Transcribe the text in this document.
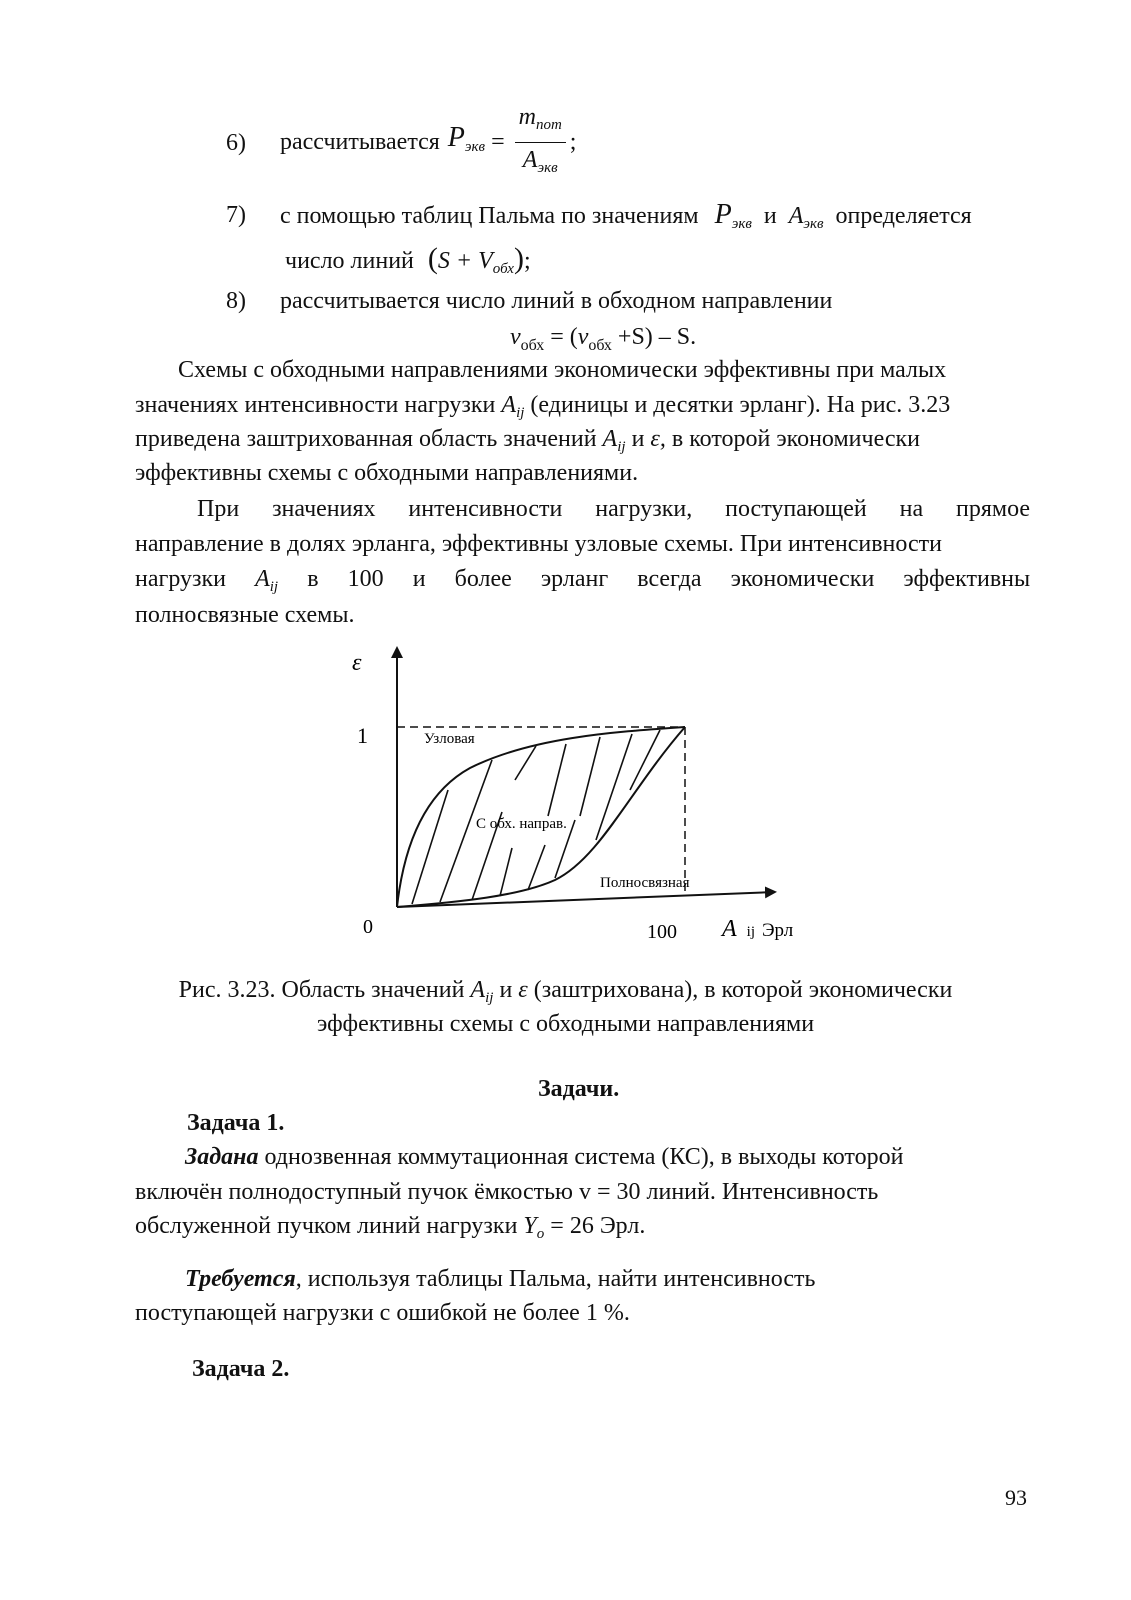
6) рассчитывается $P_{экв} = \frac{m_{пот}}{A_{экв}}$ ;
7) с помощью таблиц Пальма по значениям $P_{экв}$ и $A_{экв}$ определяется
число линий $(S + V_{обх})$;
8) рассчитывается число линий в обходном направлении
$v_{обх} = (v_{обх} +S) - S$.
Схемы с обходными направлениями экономически эффективны при малых
значениях интенсивности нагрузки $A_{ij}$ (единицы и десятки эрланг). На рис. 3.23
приведена заштрихованная область значений $A_{ij}$ и ε, в которой экономически
эффективны схемы с обходными направлениями.
При значениях интенсивности нагрузки, поступающей на прямое
направление в долях эрланга, эффективны узловые схемы. При интенсивности
нагрузки $A_{ij}$ в 100 и более эрланг всегда экономически эффективны
полносвязные схемы.
ε
1
0	100 A ij Эрл
Узловая
С обх. направ.
Полносвязная
Рис. 3.23. Область значений $A_{ij}$ и ε (заштрихована), в которой экономически
эффективны схемы с обходными направлениями
Задачи.
Задача 1.
Задана однозвенная коммутационная система (КС), в выходы которой
включён полнодоступный пучок ёмкостью v = 30 линий. Интенсивность
обслуженной пучком линий нагрузки $Y_o = 26$ Эрл.
Требуется, используя таблицы Пальма, найти интенсивность
поступающей нагрузки с ошибкой не более 1 %.
Задача 2.
93
